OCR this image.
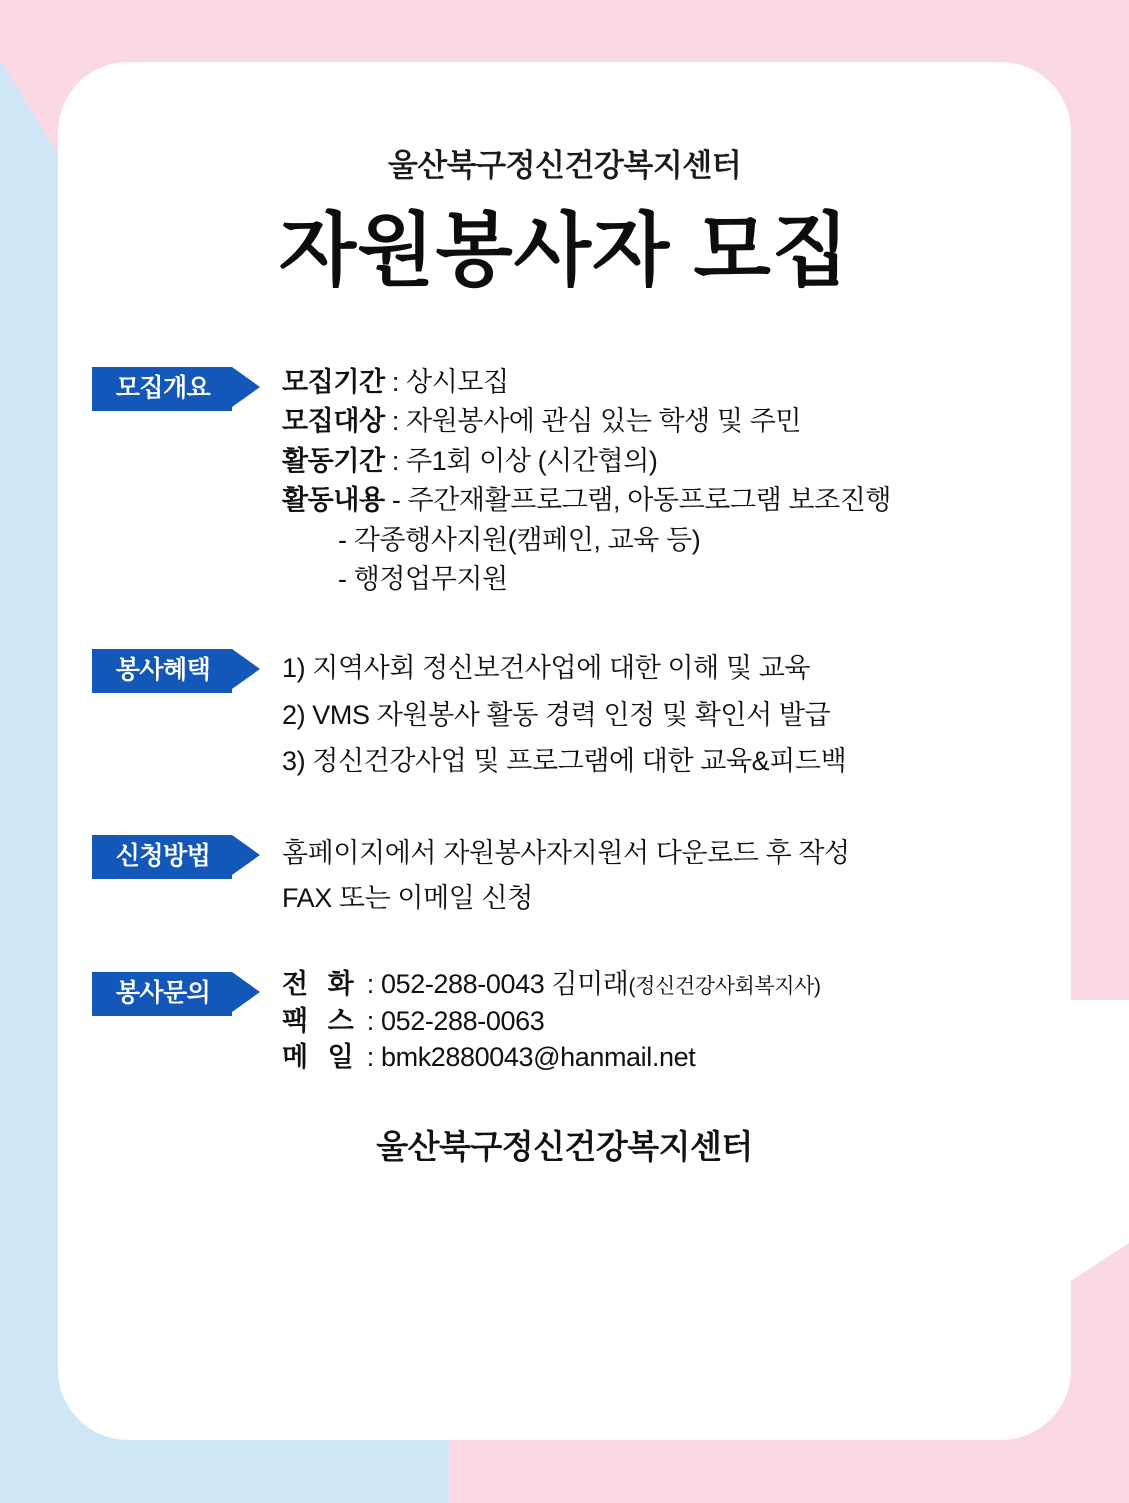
울산북구정신건강복지센터
자원봉사자 모집
모집개요	모집기간 : 상시모집
모집대상 : 자원봉사에 관심 있는 학생 및 주민
활동기간 : 주1회 이상 (시간협의)
활동내용 - 주간재활프로그램, 아동프로그램 보조진행
- 각종행사지원(캠페인, 교육 등)
- 행정업무지원
봉사혜택	1) 지역사회 정신보건사업에 대한 이해 및 교육
2) VMS 자원봉사 활동 경력 인정 및 확인서 발급
3) 정신건강사업 및 프로그램에 대한 교육&피드백
신청방법	홈페이지에서 자원봉사자지원서 다운로드 후 작성
FAX 또는 이메일 신청
봉사문의	전 화 : 052-288-0043 김미래(정신건강사회복지사)
팩 스 : 052-288-0063
메 일 : bmk2880043@hanmail.net
울산북구정신건강복지센터
